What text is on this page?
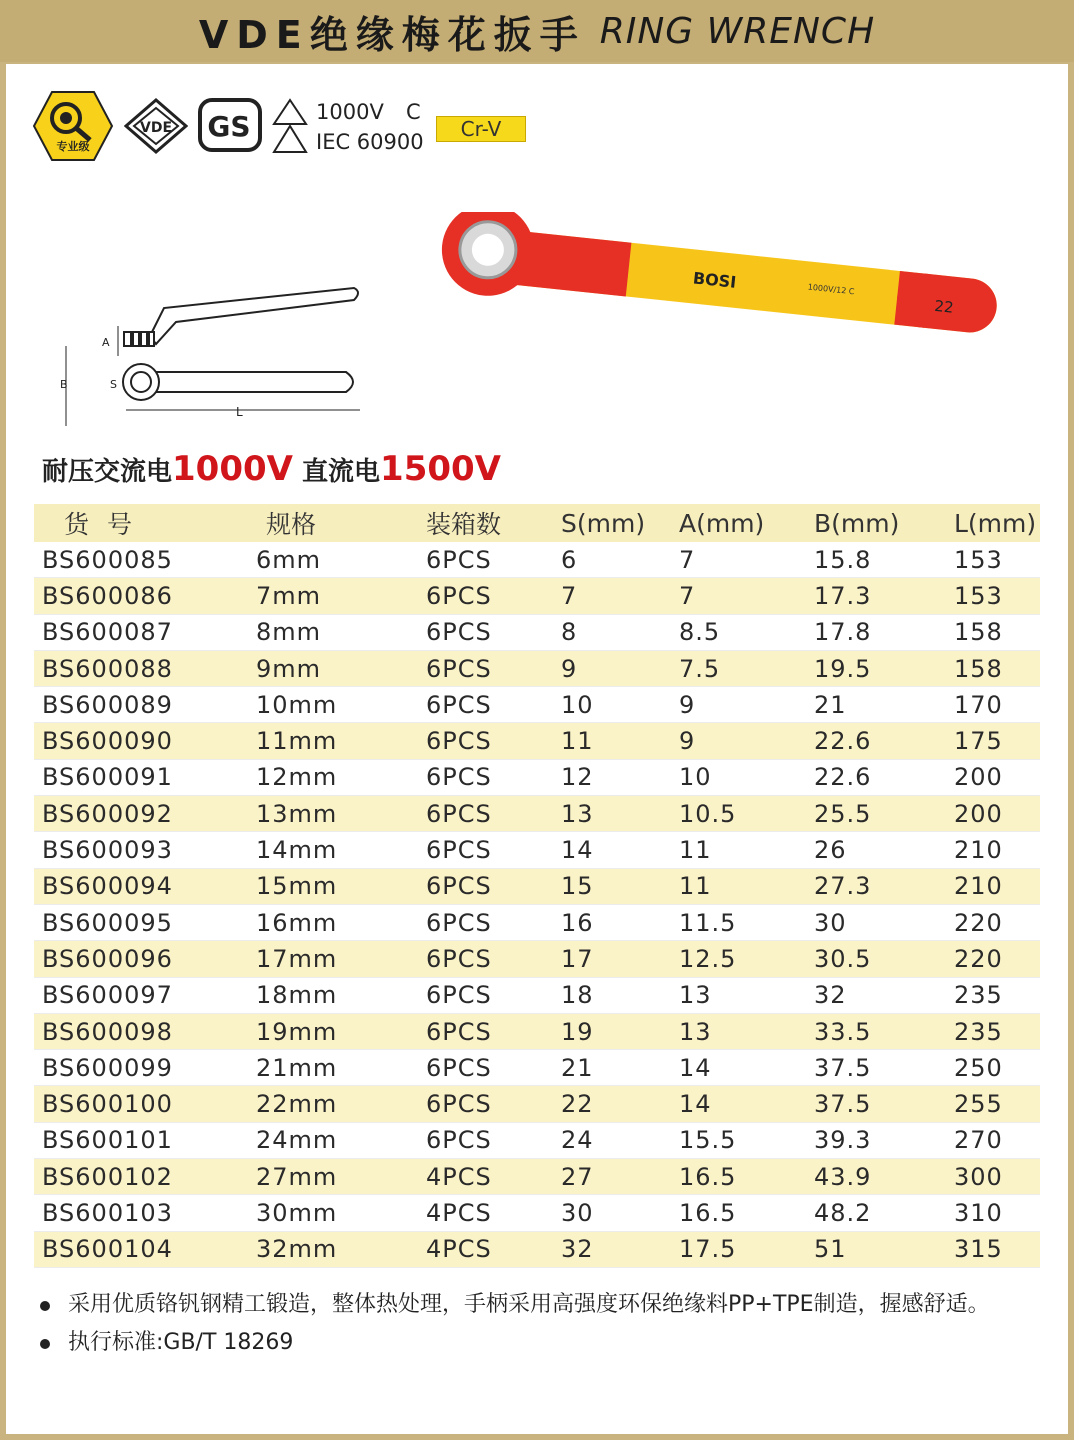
VDE绝缘梅花扳手 RING WRENCH
专业级
VDE GS	1000V C
IEC 60900
Cr-V
BOSI	1000V/12 C
22
A
B	S
L
耐压交流电1000V 直流电1500V
货号	规格	装箱数	S(mm)	A(mm)	B(mm)	L(mm)
BS600085	6mm	6PCS	6	7	15.8	153
BS600086	7mm	6PCS	7	7	17.3	153
BS600087	8mm	6PCS	8	8.5	17.8	158
BS600088	9mm	6PCS	9	7.5	19.5	158
BS600089	10mm	6PCS	10	9	21	170
BS600090	11mm	6PCS	11	9	22.6	175
BS600091	12mm	6PCS	12	10	22.6	200
BS600092	13mm	6PCS	13	10.5	25.5	200
BS600093	14mm	6PCS	14	11	26	210
BS600094	15mm	6PCS	15	11	27.3	210
BS600095	16mm	6PCS	16	11.5	30	220
BS600096	17mm	6PCS	17	12.5	30.5	220
BS600097	18mm	6PCS	18	13	32	235
BS600098	19mm	6PCS	19	13	33.5	235
BS600099	21mm	6PCS	21	14	37.5	250
BS600100	22mm	6PCS	22	14	37.5	255
BS600101	24mm	6PCS	24	15.5	39.3	270
BS600102	27mm	4PCS	27	16.5	43.9	300
BS600103	30mm	4PCS	30	16.5	48.2	310
BS600104	32mm	4PCS	32	17.5	51	315
采用优质铬钒钢精工锻造，整体热处理，手柄采用高强度环保绝缘料PP+TPE制造，握感舒适。
执行标准:GB/T 18269
